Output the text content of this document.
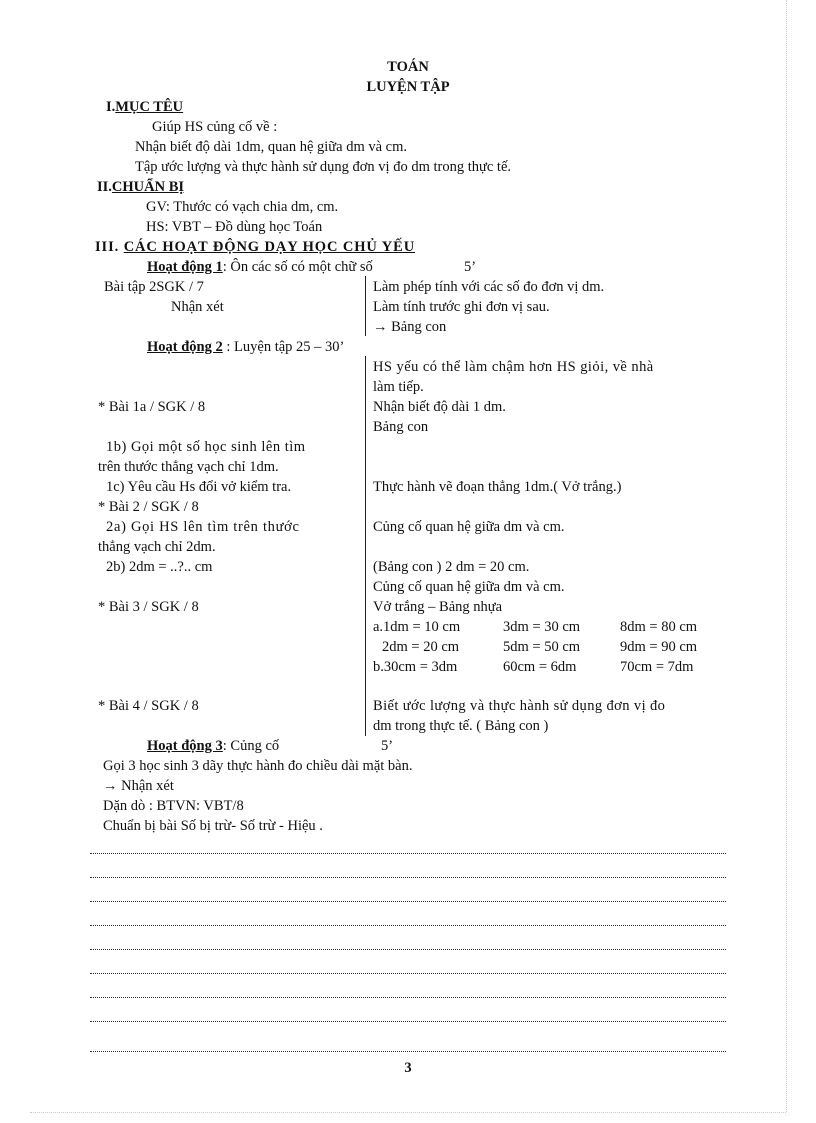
TOÁN
LUYỆN TẬP
I.MỤC TÊU
Giúp HS củng cố về :
Nhận biết độ dài 1dm, quan hệ giữa dm và cm.
Tập ước lượng và thực hành sử dụng đơn vị đo dm trong thực tế.
II.CHUẨN BỊ
GV: Thước có vạch chia dm, cm.
HS: VBT – Đồ dùng học Toán
III. CÁC HOẠT ĐỘNG DẠY HỌC CHỦ YẾU
Hoạt động 1: Ôn các số có một chữ số	5’
Bài tập 2SGK / 7
Nhận xét
Làm phép tính với các số đo đơn vị dm.
Làm tính trước ghi đơn vị sau.
→ Bảng con
Hoạt động 2 : Luyện tập 25 – 30’
HS yếu có thể làm chậm hơn HS giỏi, về nhà
làm tiếp.
* Bài 1a / SGK / 8	Nhận biết độ dài 1 dm.
Bảng con
1b) Gọi một số học sinh lên tìm
trên thước thẳng vạch chỉ 1dm.
1c) Yêu cầu Hs đổi vở kiểm tra.	Thực hành vẽ đoạn thẳng 1dm.( Vở trắng.)
* Bài 2 / SGK / 8
2a) Gọi HS lên tìm trên thước
thẳng vạch chỉ 2dm.
Củng cố quan hệ giữa dm và cm.
2b) 2dm = ..?.. cm	(Bảng con ) 2 dm = 20 cm.
Củng cố quan hệ giữa dm và cm.
* Bài 3 / SGK / 8	Vở trắng – Bảng nhựa
a.1dm = 10 cm	3dm = 30 cm	8dm = 80 cm
2dm = 20 cm	5dm = 50 cm	9dm = 90 cm
b.30cm = 3dm	60cm = 6dm	70cm = 7dm
* Bài 4 / SGK / 8	Biết ước lượng và thực hành sử dụng đơn vị đo
dm trong thực tế. ( Bảng con )
Hoạt động 3: Củng cố	5’
Gọi 3 học sinh 3 dãy thực hành đo chiều dài mặt bàn.
→ Nhận xét
Dặn dò : BTVN: VBT/8
Chuẩn bị bài Số bị trừ- Số trừ - Hiệu .
3
